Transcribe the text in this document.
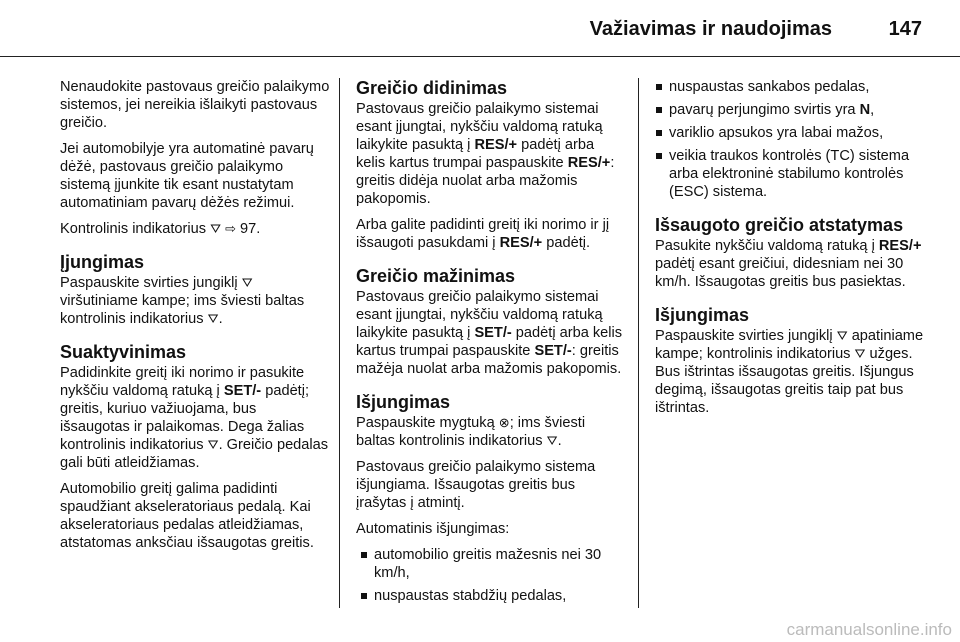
Važiavimas ir naudojimas	147

Nenaudokite pastovaus greičio palaikymo sistemos, jei nereikia išlaikyti pastovaus greičio.

Jei automobilyje yra automatinė pavarų dėžė, pastovaus greičio palaikymo sistemą įjunkite tik esant nustatytam automatiniam pavarų dėžės režimui.

Kontrolinis indikatorius ⛛ ⇨ 97.

Įjungimas

Paspauskite svirties jungiklį ⛛ viršutiniame kampe; ims šviesti baltas kontrolinis indikatorius ⛛.

Suaktyvinimas

Padidinkite greitį iki norimo ir pasukite nykščiu valdomą ratuką į SET/- padėtį; greitis, kuriuo važiuojama, bus išsaugotas ir palaikomas. Dega žalias kontrolinis indikatorius ⛛. Greičio pedalas gali būti atleidžiamas.

Automobilio greitį galima padidinti spaudžiant akseleratoriaus pedalą. Kai akseleratoriaus pedalas atleidžiamas, atstatomas anksčiau išsaugotas greitis.

Greičio didinimas

Pastovaus greičio palaikymo sistemai esant įjungtai, nykščiu valdomą ratuką laikykite pasuktą į RES/+ padėtį arba kelis kartus trumpai paspauskite RES/+: greitis didėja nuolat arba mažomis pakopomis.

Arba galite padidinti greitį iki norimo ir jį išsaugoti pasukdami į RES/+ padėtį.

Greičio mažinimas

Pastovaus greičio palaikymo sistemai esant įjungtai, nykščiu valdomą ratuką laikykite pasuktą į SET/- padėtį arba kelis kartus trumpai paspauskite SET/-: greitis mažėja nuolat arba mažomis pakopomis.

Išjungimas

Paspauskite mygtuką ⊗; ims šviesti baltas kontrolinis indikatorius ⛛.

Pastovaus greičio palaikymo sistema išjungiama. Išsaugotas greitis bus įrašytas į atmintį.

Automatinis išjungimas:

automobilio greitis mažesnis nei 30 km/h,
nuspaustas stabdžių pedalas,
nuspaustas sankabos pedalas,
pavarų perjungimo svirtis yra N,
variklio apsukos yra labai mažos,
veikia traukos kontrolės (TC) sistema arba elektroninė stabilumo kontrolės (ESC) sistema.
Išsaugoto greičio atstatymas

Pasukite nykščiu valdomą ratuką į RES/+ padėtį esant greičiui, didesniam nei 30 km/h. Išsaugotas greitis bus pasiektas.

Išjungimas

Paspauskite svirties jungiklį ⛛ apatiniame kampe; kontrolinis indikatorius ⛛ užges. Bus ištrintas išsaugotas greitis. Išjungus degimą, išsaugotas greitis taip pat bus ištrintas.

carmanualsonline.info
